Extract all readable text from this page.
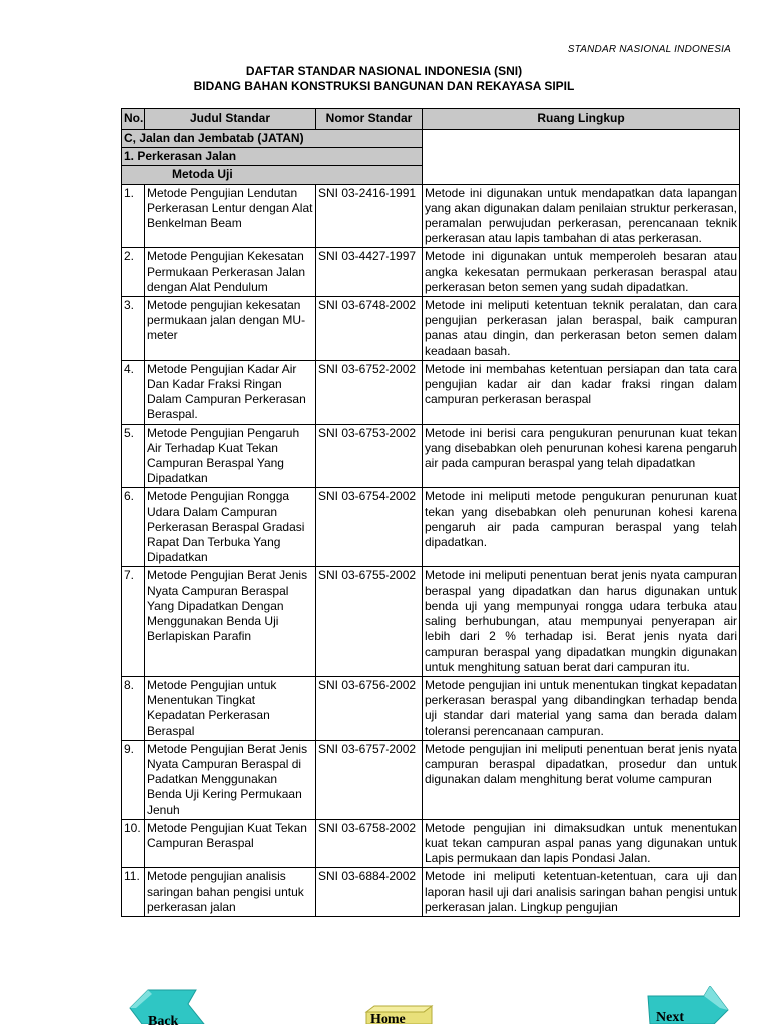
STANDAR NASIONAL INDONESIA
DAFTAR STANDAR NASIONAL INDONESIA (SNI)
BIDANG BAHAN KONSTRUKSI BANGUNAN DAN REKAYASA SIPIL
No.	Judul Standar	Nomor Standar	Ruang Lingkup
C, Jalan dan Jembatab (JATAN)			
1. Perkerasan Jalan			
Metoda Uji			
1.	Metode Pengujian Lendutan Perkerasan Lentur dengan Alat Benkelman Beam	SNI 03-2416-1991	Metode ini digunakan untuk mendapatkan data lapangan yang akan digunakan dalam penilaian struktur perkerasan, peramalan perwujudan perkerasan, perencanaan teknik perkerasan atau lapis tambahan di atas perkerasan.
2.	Metode Pengujian Kekesatan Permukaan Perkerasan Jalan dengan Alat Pendulum	SNI 03-4427-1997	Metode ini digunakan untuk memperoleh besaran atau angka kekesatan permukaan perkerasan beraspal atau perkerasan beton semen yang sudah dipadatkan.
3.	Metode pengujian kekesatan permukaan jalan dengan MU-meter	SNI 03-6748-2002	Metode ini meliputi ketentuan teknik peralatan, dan cara pengujian perkerasan jalan beraspal, baik campuran panas atau dingin, dan perkerasan beton semen dalam keadaan basah.
4.	Metode Pengujian Kadar Air Dan Kadar Fraksi Ringan Dalam Campuran Perkerasan Beraspal.	SNI 03-6752-2002	Metode ini membahas ketentuan persiapan dan tata cara pengujian kadar air dan kadar fraksi ringan dalam campuran perkerasan beraspal
5.	Metode Pengujian Pengaruh Air Terhadap Kuat Tekan Campuran Beraspal Yang Dipadatkan	SNI 03-6753-2002	Metode ini berisi cara pengukuran penurunan kuat tekan yang disebabkan oleh penurunan kohesi karena pengaruh air pada campuran beraspal yang telah dipadatkan
6.	Metode Pengujian Rongga Udara Dalam Campuran Perkerasan Beraspal Gradasi Rapat Dan Terbuka Yang Dipadatkan	SNI 03-6754-2002	Metode ini meliputi metode pengukuran penurunan kuat tekan yang disebabkan oleh penurunan kohesi karena pengaruh air pada campuran beraspal yang telah dipadatkan.
7.	Metode Pengujian Berat Jenis Nyata Campuran Beraspal Yang Dipadatkan Dengan Menggunakan Benda Uji Berlapiskan Parafin	SNI 03-6755-2002	Metode ini meliputi penentuan berat jenis nyata campuran beraspal yang dipadatkan dan harus digunakan untuk benda uji yang mempunyai rongga udara terbuka atau saling berhubungan, atau mempunyai penyerapan air lebih dari 2 % terhadap isi. Berat jenis nyata dari campuran beraspal yang dipadatkan mungkin digunakan untuk menghitung satuan berat dari campuran itu.
8.	Metode Pengujian untuk Menentukan Tingkat Kepadatan Perkerasan Beraspal	SNI 03-6756-2002	Metode pengujian ini untuk menentukan tingkat kepadatan perkerasan beraspal yang dibandingkan terhadap benda uji standar dari material yang sama dan berada dalam toleransi perencanaan campuran.
9.	Metode Pengujian Berat Jenis Nyata Campuran Beraspal di Padatkan Menggunakan Benda Uji Kering Permukaan Jenuh	SNI 03-6757-2002	Metode pengujian ini meliputi penentuan berat jenis nyata campuran beraspal dipadatkan, prosedur dan untuk digunakan dalam menghitung berat volume campuran
10.	Metode Pengujian Kuat Tekan Campuran Beraspal	SNI 03-6758-2002	Metode pengujian ini dimaksudkan untuk menentukan kuat tekan campuran aspal panas yang digunakan untuk Lapis permukaan dan lapis Pondasi Jalan.
11.	Metode pengujian analisis saringan bahan pengisi untuk perkerasan jalan	SNI 03-6884-2002	Metode ini meliputi ketentuan-ketentuan, cara uji dan laporan hasil uji dari analisis saringan bahan pengisi untuk perkerasan jalan. Lingkup pengujian
Back	Home	Next
